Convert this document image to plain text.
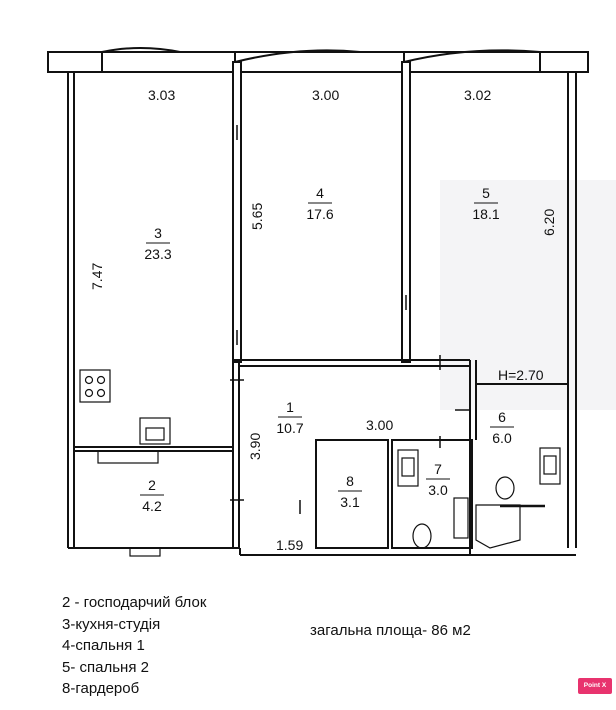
3.03	3.00	3.02
7.47
5.65	6.20
H=2.70
3.00
3.90
1.59
3
23.3
4
17.6
5
18.1
1
10.7
6
6.0
2
4.2
8
3.1
7
3.0
2 - господарчий блок
3-кухня-студія
4-спальня 1
5- спальня 2
8-гардероб
загальна площа- 86 м2
Point X Lite
